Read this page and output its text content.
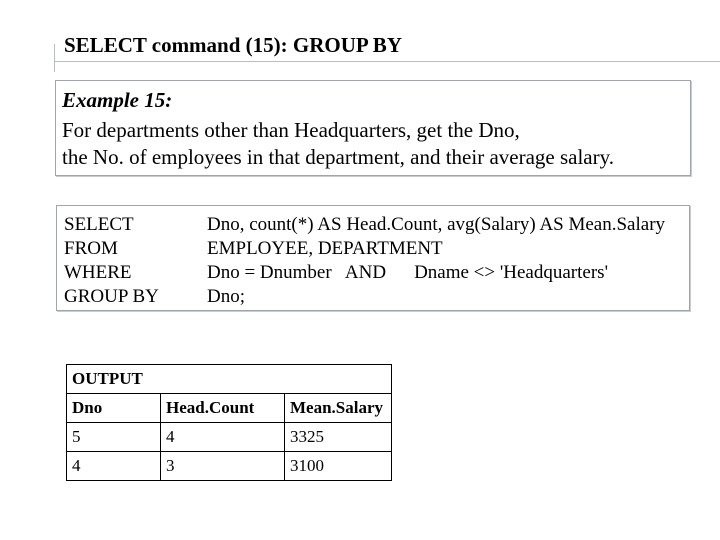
SELECT command (15): GROUP BY
Example 15:
For departments other than Headquarters, get the Dno,
the No. of employees in that department, and their average salary.
SELECT	Dno, count(*) AS Head.Count, avg(Salary) AS Mean.Salary
FROM	EMPLOYEE, DEPARTMENT
WHERE	Dno = Dnumber   AND Dname <> 'Headquarters'
GROUP BY	Dno;
OUTPUT		
Dno	Head.Count	Mean.Salary
5	4	3325
4	3	3100
